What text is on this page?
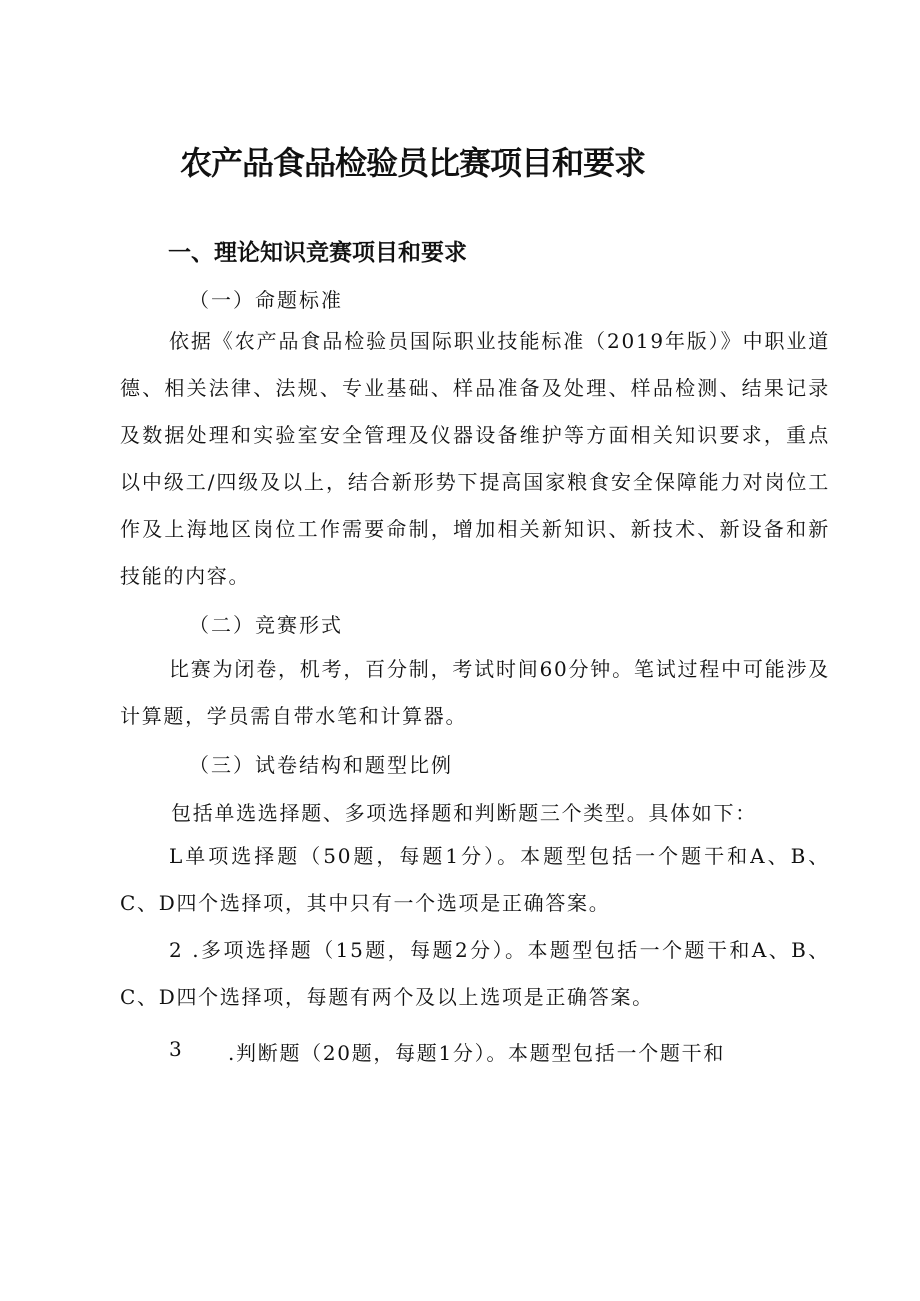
农产品食品检验员比赛项目和要求
一、理论知识竞赛项目和要求
（一）命题标准
依据《农产品食品检验员国际职业技能标准（2019年版）》中职业道德、相关法律、法规、专业基础、样品准备及处理、样品检测、结果记录及数据处理和实验室安全管理及仪器设备维护等方面相关知识要求，重点以中级工/四级及以上，结合新形势下提高国家粮食安全保障能力对岗位工作及上海地区岗位工作需要命制，增加相关新知识、新技术、新设备和新技能的内容。
（二）竞赛形式
比赛为闭卷，机考，百分制，考试时间60分钟。笔试过程中可能涉及计算题，学员需自带水笔和计算器。
（三）试卷结构和题型比例
包括单选选择题、多项选择题和判断题三个类型。具体如下：
L单项选择题（50题，每题1分）。本题型包括一个题干和A、B、C、D四个选择项，其中只有一个选项是正确答案。
2 .多项选择题（15题，每题2分）。本题型包括一个题干和A、B、C、D四个选择项，每题有两个及以上选项是正确答案。
3 .判断题（20题，每题1分）。本题型包括一个题干和
